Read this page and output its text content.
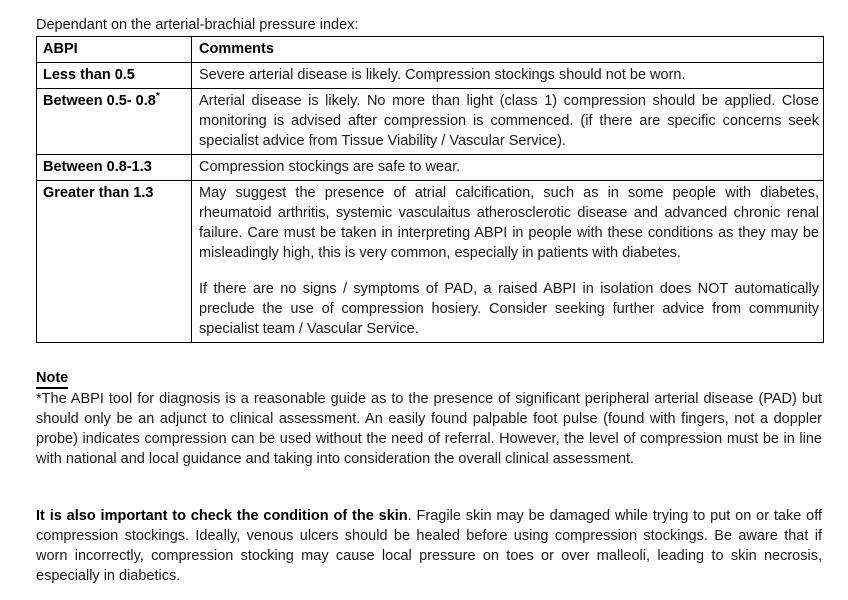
Dependant on the arterial-brachial pressure index:
ABPI	Comments

Less than 0.5	Severe arterial disease is likely. Compression stockings should not be worn.

Between 0.5- 0.8*	Arterial disease is likely. No more than light (class 1) compression should be applied. Close monitoring is advised after compression is commenced. (if there are specific concerns seek specialist advice from Tissue Viability / Vascular Service).

Between 0.8-1.3	Compression stockings are safe to wear.

Greater than 1.3	May suggest the presence of atrial calcification, such as in some people with diabetes, rheumatoid arthritis, systemic vasculaitus atherosclerotic disease and advanced chronic renal failure. Care must be taken in interpreting ABPI in people with these conditions as they may be misleadingly high, this is very common, especially in patients with diabetes.

If there are no signs / symptoms of PAD, a raised ABPI in isolation does NOT automatically preclude the use of compression hosiery. Consider seeking further advice from community specialist team / Vascular Service.

Note
*The ABPI tool for diagnosis is a reasonable guide as to the presence of significant peripheral arterial disease (PAD) but should only be an adjunct to clinical assessment. An easily found palpable foot pulse (found with fingers, not a doppler probe) indicates compression can be used without the need of referral. However, the level of compression must be in line with national and local guidance and taking into consideration the overall clinical assessment.
It is also important to check the condition of the skin. Fragile skin may be damaged while trying to put on or take off compression stockings. Ideally, venous ulcers should be healed before using compression stockings. Be aware that if worn incorrectly, compression stocking may cause local pressure on toes or over malleoli, leading to skin necrosis, especially in diabetics.
